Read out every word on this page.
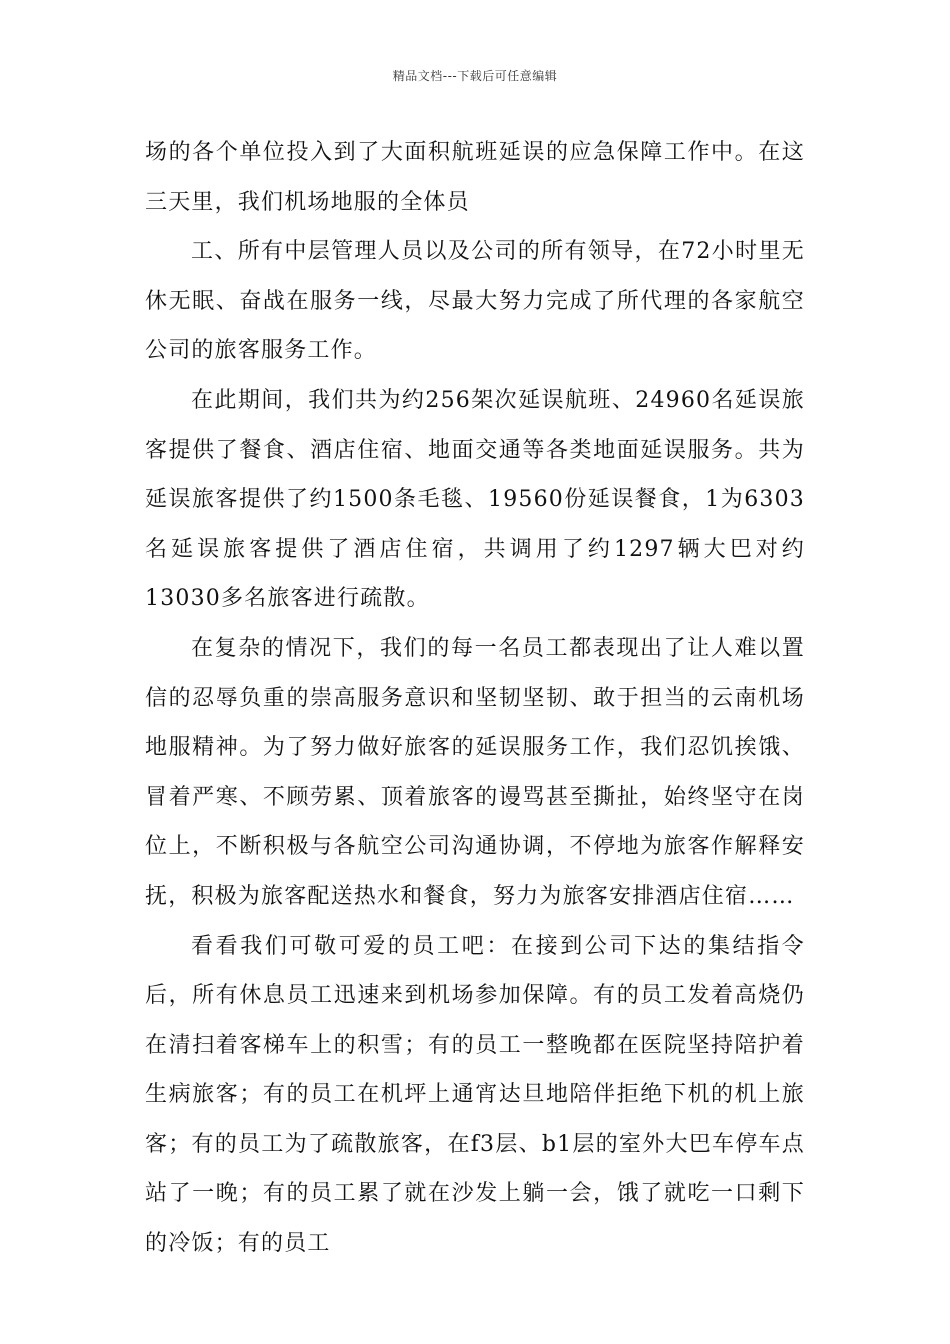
精品文档---下载后可任意编辑

场的各个单位投入到了大面积航班延误的应急保障工作中。在这三天里，我们机场地服的全体员

工、所有中层管理人员以及公司的所有领导，在72小时里无休无眠、奋战在服务一线，尽最大努力完成了所代理的各家航空公司的旅客服务工作。

在此期间，我们共为约256架次延误航班、24960名延误旅客提供了餐食、酒店住宿、地面交通等各类地面延误服务。共为延误旅客提供了约1500条毛毯、19560份延误餐食，1为6303名延误旅客提供了酒店住宿，共调用了约1297辆大巴对约13030多名旅客进行疏散。

在复杂的情况下，我们的每一名员工都表现出了让人难以置信的忍辱负重的崇高服务意识和坚韧坚韧、敢于担当的云南机场地服精神。为了努力做好旅客的延误服务工作，我们忍饥挨饿、冒着严寒、不顾劳累、顶着旅客的谩骂甚至撕扯，始终坚守在岗位上，不断积极与各航空公司沟通协调，不停地为旅客作解释安抚，积极为旅客配送热水和餐食，努力为旅客安排酒店住宿……

看看我们可敬可爱的员工吧：在接到公司下达的集结指令后，所有休息员工迅速来到机场参加保障。有的员工发着高烧仍在清扫着客梯车上的积雪；有的员工一整晚都在医院坚持陪护着生病旅客；有的员工在机坪上通宵达旦地陪伴拒绝下机的机上旅客；有的员工为了疏散旅客，在f3层、b1层的室外大巴车停车点站了一晚；有的员工累了就在沙发上躺一会，饿了就吃一口剩下的冷饭；有的员工
